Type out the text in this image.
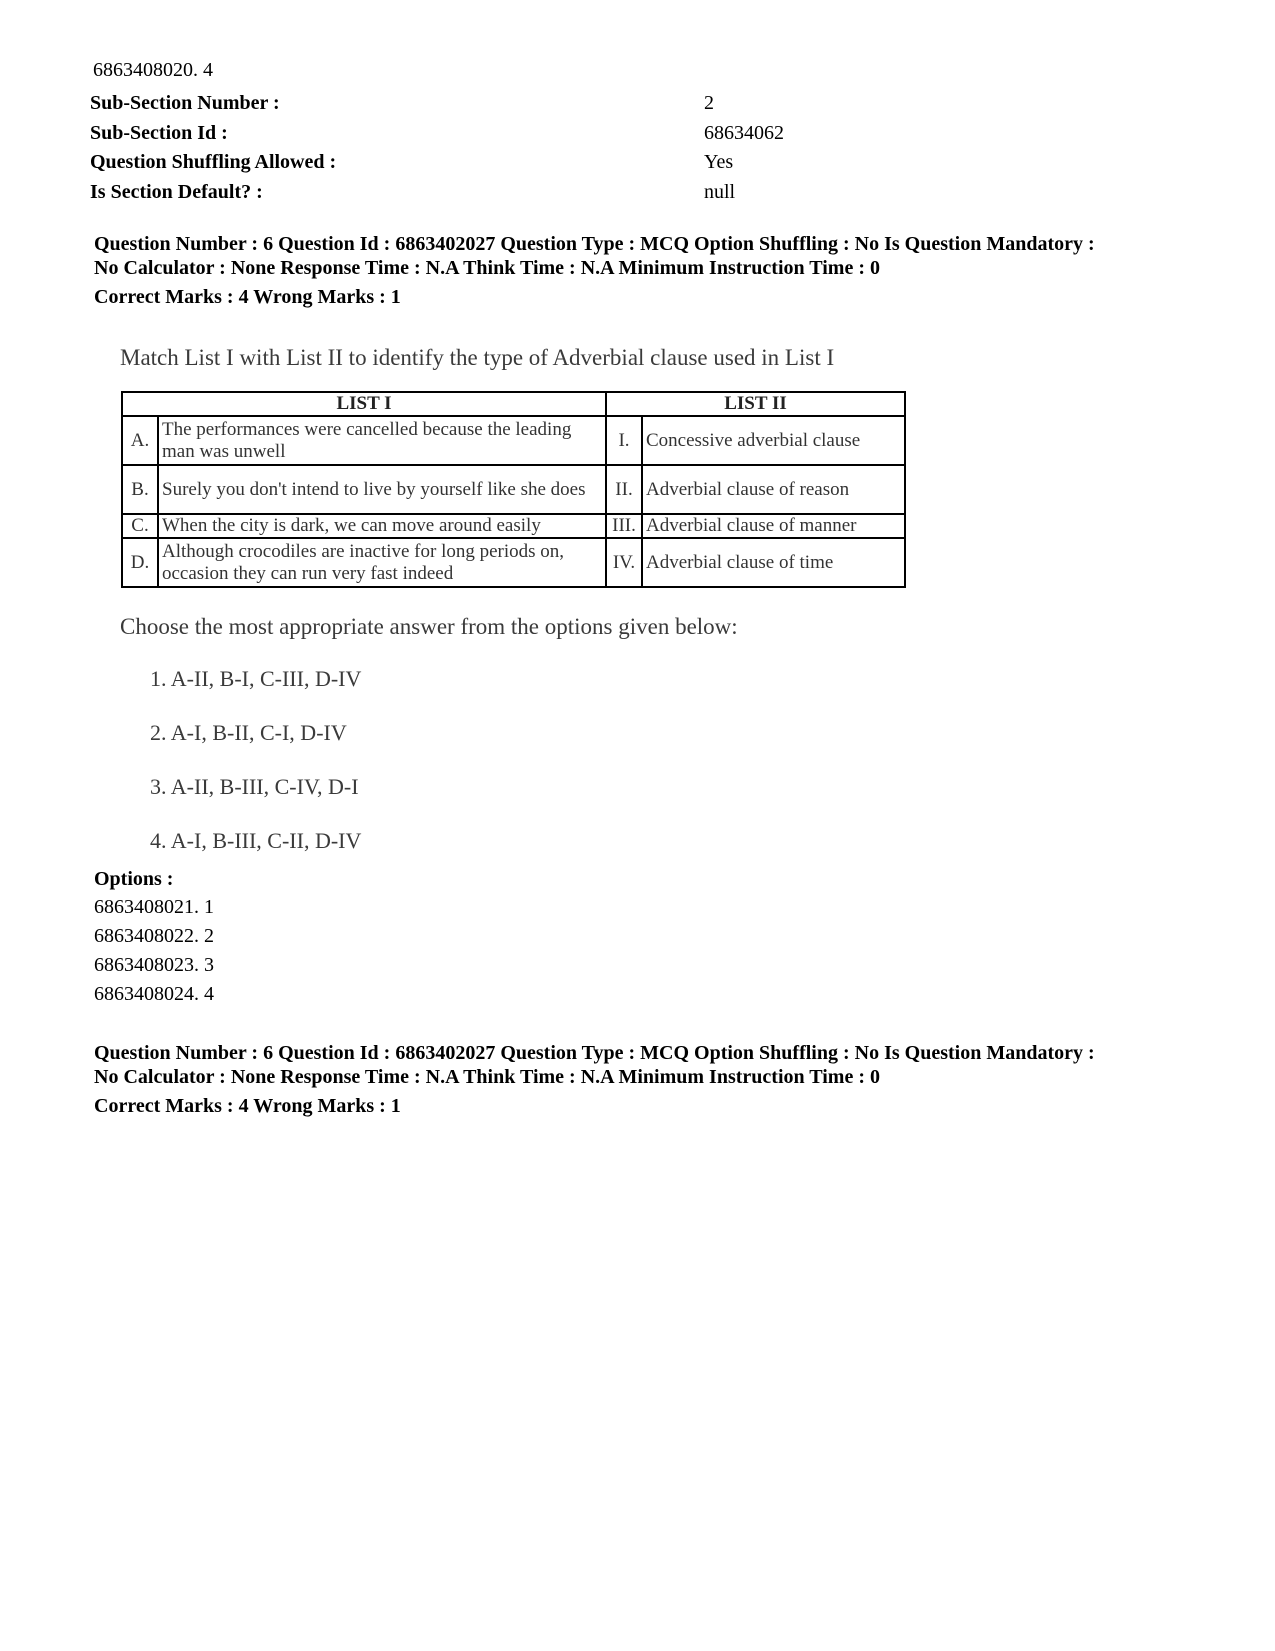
6863408020. 4
Sub-Section Number :	2
Sub-Section Id :	68634062
Question Shuffling Allowed :	Yes
Is Section Default? :	null
Question Number : 6 Question Id : 6863402027 Question Type : MCQ Option Shuffling : No Is Question Mandatory :
No Calculator : None Response Time : N.A Think Time : N.A Minimum Instruction Time : 0
Correct Marks : 4 Wrong Marks : 1

Match List I with List II to identify the type of Adverbial clause used in List I

LIST I		LIST II	
A.	The performances were cancelled because the leading man was unwell	I.	Concessive adverbial clause
B.	Surely you don't intend to live by yourself like she does	II.	Adverbial clause of reason
C.	When the city is dark, we can move around easily	III.	Adverbial clause of manner
D.	Although crocodiles are inactive for long periods on, occasion they can run very fast indeed	IV.	Adverbial clause of time

Choose the most appropriate answer from the options given below:

1. A-II, B-I, C-III, D-IV
2. A-I, B-II, C-I, D-IV
3. A-II, B-III, C-IV, D-I
4. A-I, B-III, C-II, D-IV
Options :
6863408021. 1
6863408022. 2
6863408023. 3
6863408024. 4
Question Number : 6 Question Id : 6863402027 Question Type : MCQ Option Shuffling : No Is Question Mandatory :
No Calculator : None Response Time : N.A Think Time : N.A Minimum Instruction Time : 0
Correct Marks : 4 Wrong Marks : 1
